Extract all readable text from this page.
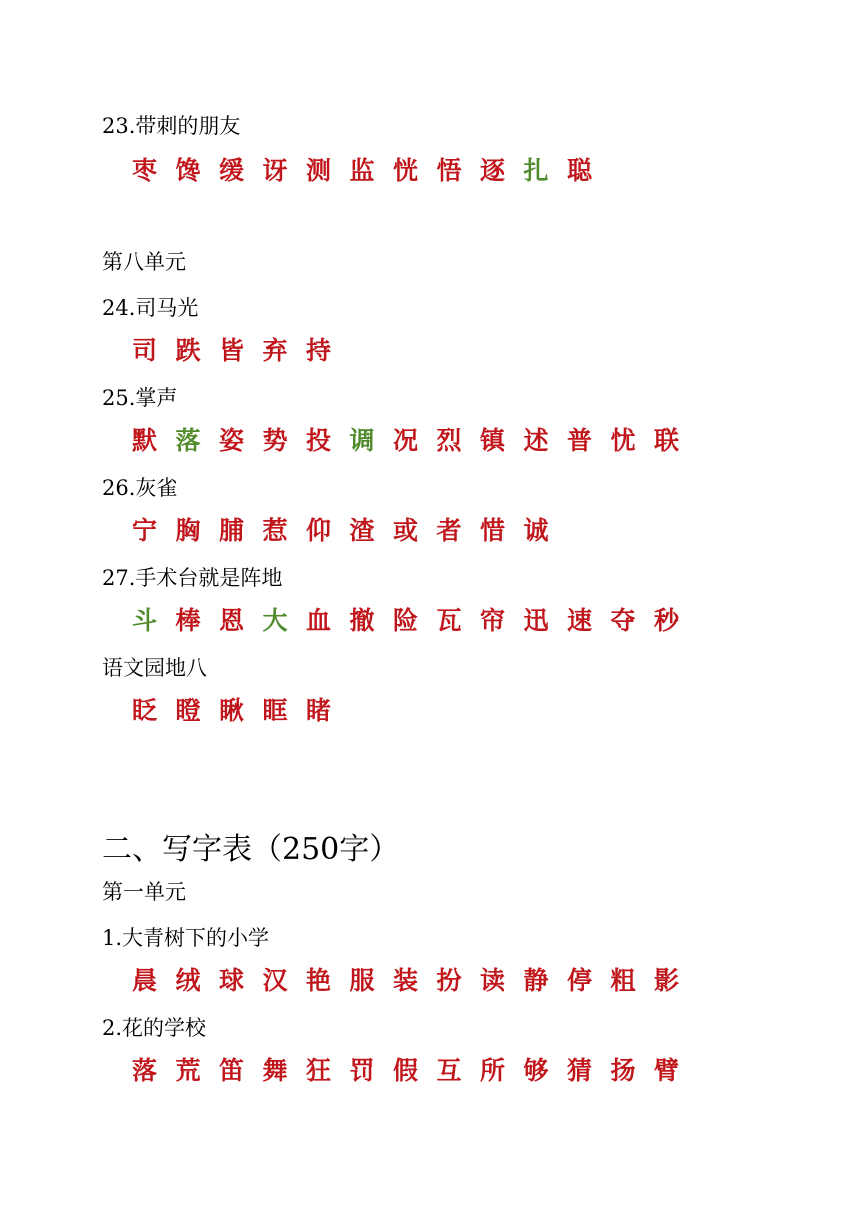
23.带刺的朋友
枣 馋 缓 讶 测 监 恍 悟 逐 扎 聪
第八单元
24.司马光
司 跌 皆 弃 持
25.掌声
默 落 姿 势 投 调 况 烈 镇 述 普 忧 联
26.灰雀
宁 胸 脯 惹 仰 渣 或 者 惜 诚
27.手术台就是阵地
斗 棒 恩 大 血 撤 险 瓦 帘 迅 速 夺 秒
语文园地八
眨 瞪 瞅 眶 睹
二、写字表（250字）
第一单元
1.大青树下的小学
晨 绒 球 汉 艳 服 装 扮 读 静 停 粗 影
2.花的学校
落 荒 笛 舞 狂 罚 假 互 所 够 猜 扬 臂
